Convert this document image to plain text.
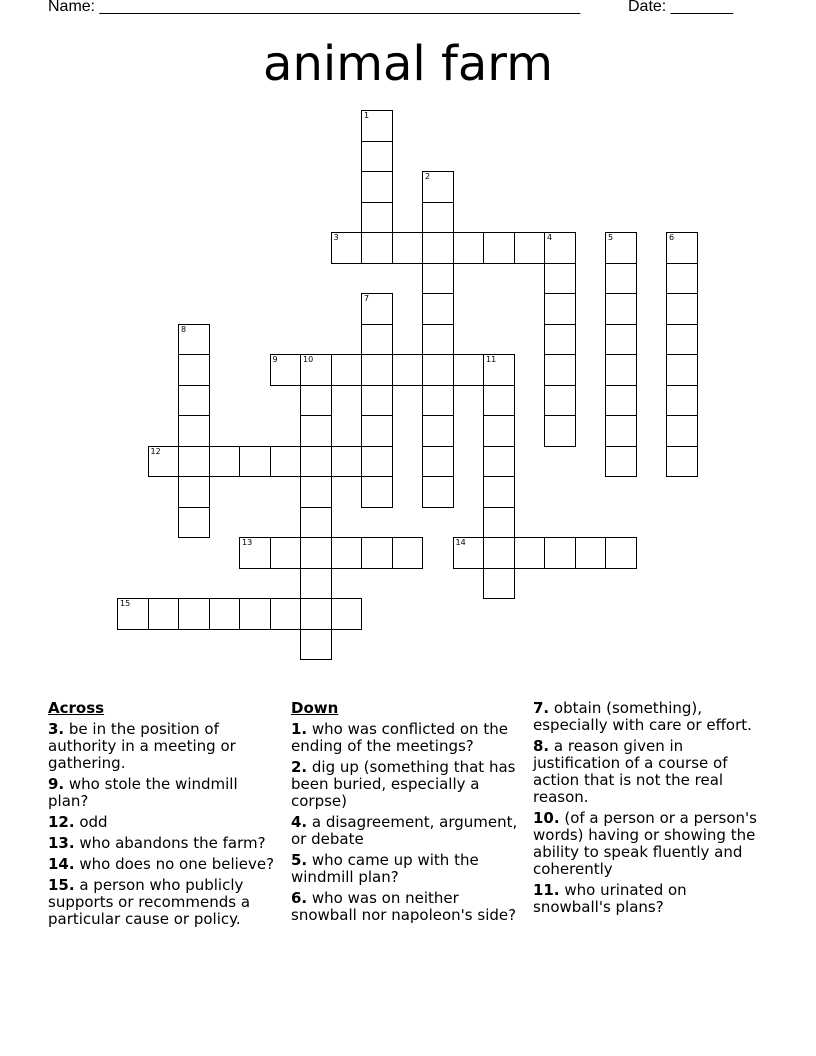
Name: ______________________________________________________	Date: _______
animal farm
1
2
3	4	5	6
7
8
9	10	11
12
13	14
15
Across
3. be in the position of authority in a meeting or gathering.
9. who stole the windmill plan?
12. odd
13. who abandons the farm?
14. who does no one believe?
15. a person who publicly supports or recommends a particular cause or policy.
Down
1. who was conflicted on the ending of the meetings?
2. dig up (something that has been buried, especially a corpse)
4. a disagreement, argument, or debate
5. who came up with the windmill plan?
6. who was on neither snowball nor napoleon's side?
7. obtain (something), especially with care or effort.
8. a reason given in justification of a course of action that is not the real reason.
10. (of a person or a person's words) having or showing the ability to speak fluently and coherently
11. who urinated on snowball's plans?
